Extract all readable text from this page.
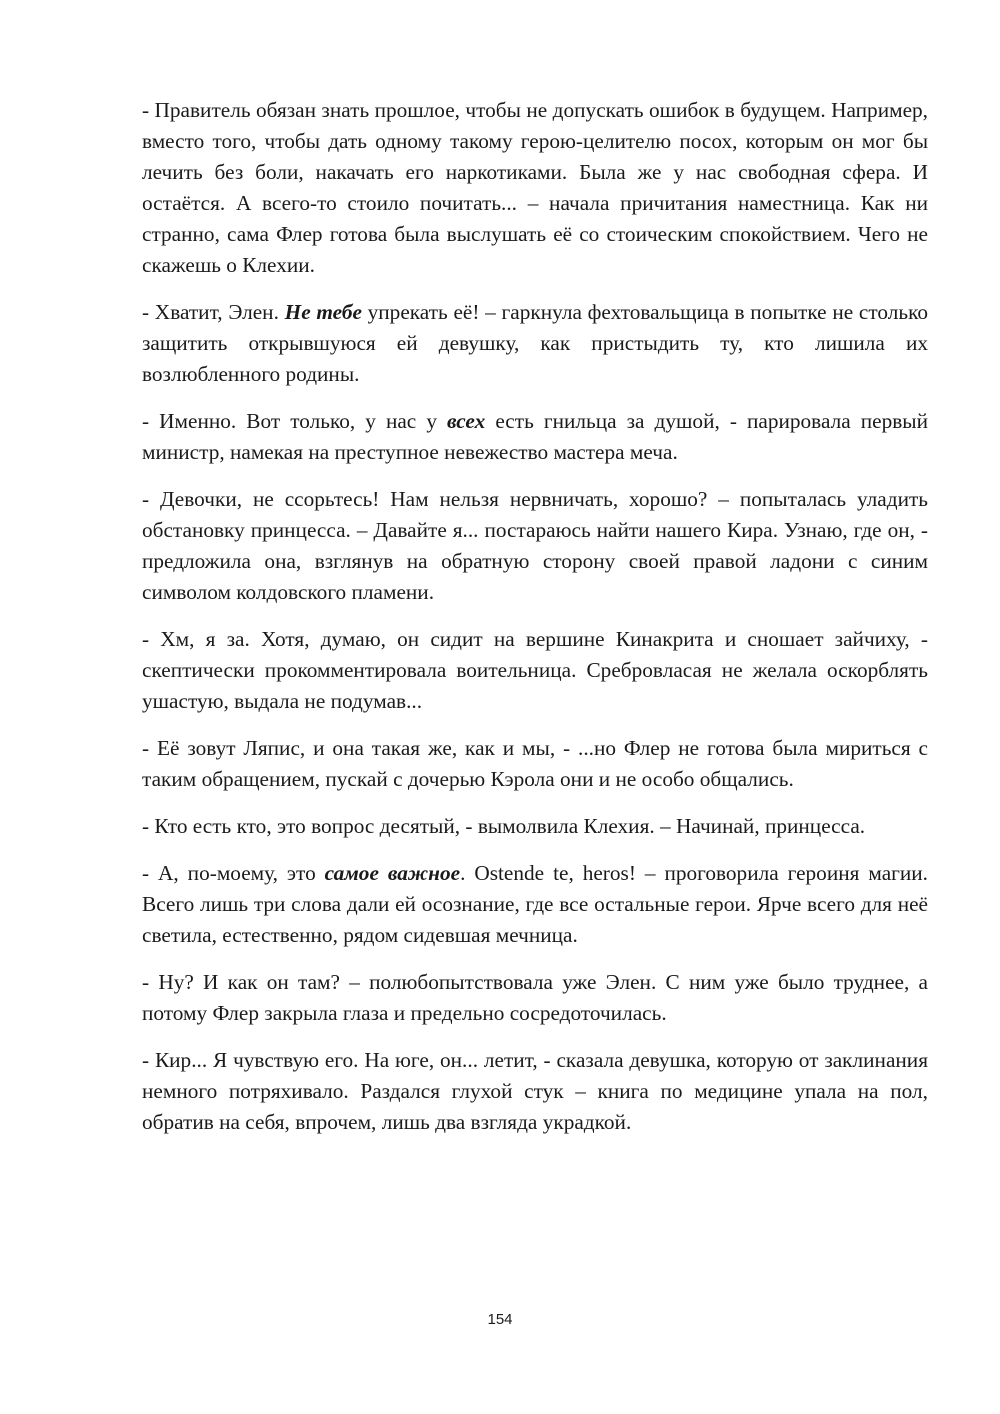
- Правитель обязан знать прошлое, чтобы не допускать ошибок в будущем. Например, вместо того, чтобы дать одному такому герою-целителю посох, которым он мог бы лечить без боли, накачать его наркотиками. Была же у нас свободная сфера. И остаётся. А всего-то стоило почитать... – начала причитания наместница. Как ни странно, сама Флер готова была выслушать её со стоическим спокойствием. Чего не скажешь о Клехии.

- Хватит, Элен. Не тебе упрекать её! – гаркнула фехтовальщица в попытке не столько защитить открывшуюся ей девушку, как пристыдить ту, кто лишила их возлюбленного родины.

- Именно. Вот только, у нас у всех есть гнильца за душой, - парировала первый министр, намекая на преступное невежество мастера меча.

- Девочки, не ссорьтесь! Нам нельзя нервничать, хорошо? – попыталась уладить обстановку принцесса. – Давайте я... постараюсь найти нашего Кира. Узнаю, где он, - предложила она, взглянув на обратную сторону своей правой ладони с синим символом колдовского пламени.

- Хм, я за. Хотя, думаю, он сидит на вершине Кинакрита и сношает зайчиху, - скептически прокомментировала воительница. Сребровласая не желала оскорблять ушастую, выдала не подумав...

- Её зовут Ляпис, и она такая же, как и мы, - ...но Флер не готова была мириться с таким обращением, пускай с дочерью Кэрола они и не особо общались.

- Кто есть кто, это вопрос десятый, - вымолвила Клехия. – Начинай, принцесса.

- А, по-моему, это самое важное. Ostende te, heros! – проговорила героиня магии. Всего лишь три слова дали ей осознание, где все остальные герои. Ярче всего для неё светила, естественно, рядом сидевшая мечница.

- Ну? И как он там? – полюбопытствовала уже Элен. С ним уже было труднее, а потому Флер закрыла глаза и предельно сосредоточилась.

- Кир... Я чувствую его. На юге, он... летит, - сказала девушка, которую от заклинания немного потряхивало. Раздался глухой стук – книга по медицине упала на пол, обратив на себя, впрочем, лишь два взгляда украдкой.

154
